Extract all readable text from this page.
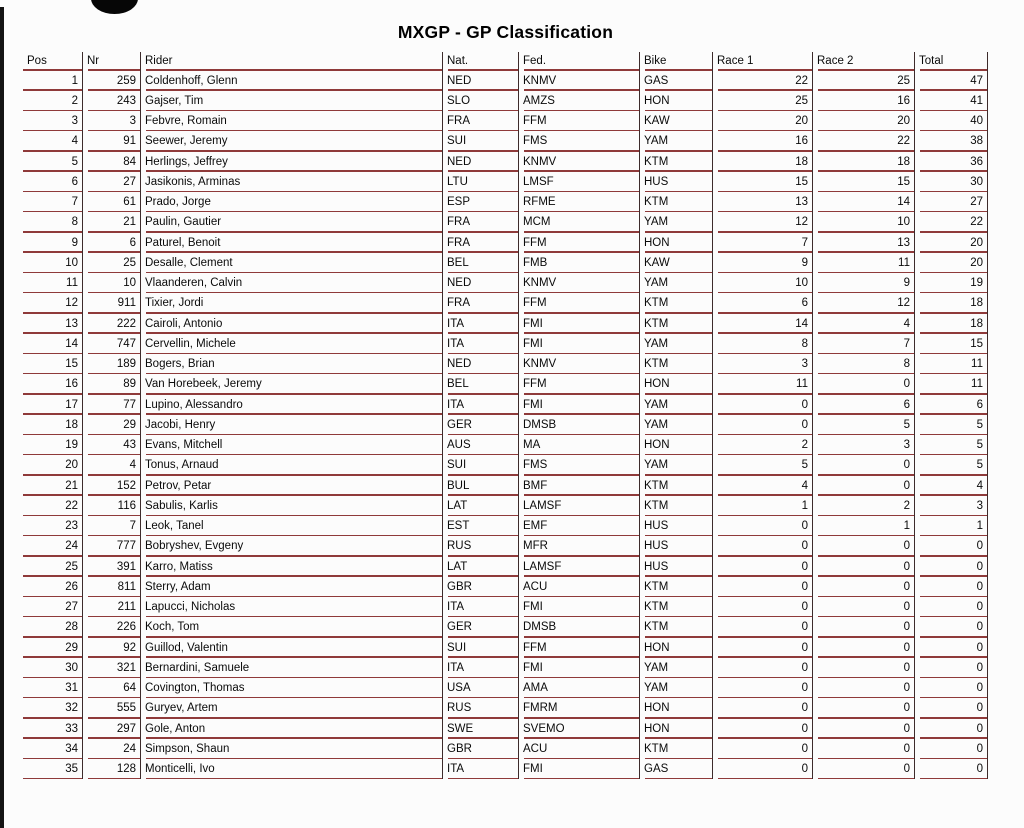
MXGP - GP Classification
Pos	Nr	Rider	Nat.	Fed.	Bike	Race 1	Race 2	Total
1	259 Coldenhoff, Glenn	NED	KNMV	GAS	22	25	47
2	243 Gajser, Tim	SLO	AMZS	HON	25	16	41
3	3 Febvre, Romain	FRA	FFM	KAW	20	20	40
4	91 Seewer, Jeremy	SUI	FMS	YAM	16	22	38
5	84 Herlings, Jeffrey	NED	KNMV	KTM	18	18	36
6	27 Jasikonis, Arminas	LTU	LMSF	HUS	15	15	30
7	61 Prado, Jorge	ESP	RFME	KTM	13	14	27
8	21 Paulin, Gautier	FRA	MCM	YAM	12	10	22
9	6 Paturel, Benoit	FRA	FFM	HON	7	13	20
10	25 Desalle, Clement	BEL	FMB	KAW	9	11	20
11	10 Vlaanderen, Calvin	NED	KNMV	YAM	10	9	19
12	911 Tixier, Jordi	FRA	FFM	KTM	6	12	18
13	222 Cairoli, Antonio	ITA	FMI	KTM	14	4	18
14	747 Cervellin, Michele	ITA	FMI	YAM	8	7	15
15	189 Bogers, Brian	NED	KNMV	KTM	3	8	11
16	89 Van Horebeek, Jeremy	BEL	FFM	HON	11	0	11
17	77 Lupino, Alessandro	ITA	FMI	YAM	0	6	6
18	29 Jacobi, Henry	GER	DMSB	YAM	0	5	5
19	43 Evans, Mitchell	AUS	MA	HON	2	3	5
20	4 Tonus, Arnaud	SUI	FMS	YAM	5	0	5
21	152 Petrov, Petar	BUL	BMF	KTM	4	0	4
22	116 Sabulis, Karlis	LAT	LAMSF	KTM	1	2	3
23	7 Leok, Tanel	EST	EMF	HUS	0	1	1
24	777 Bobryshev, Evgeny	RUS	MFR	HUS	0	0	0
25	391 Karro, Matiss	LAT	LAMSF	HUS	0	0	0
26	811 Sterry, Adam	GBR	ACU	KTM	0	0	0
27	211 Lapucci, Nicholas	ITA	FMI	KTM	0	0	0
28	226 Koch, Tom	GER	DMSB	KTM	0	0	0
29	92 Guillod, Valentin	SUI	FFM	HON	0	0	0
30	321 Bernardini, Samuele	ITA	FMI	YAM	0	0	0
31	64 Covington, Thomas	USA	AMA	YAM	0	0	0
32	555 Guryev, Artem	RUS	FMRM	HON	0	0	0
33	297 Gole, Anton	SWE	SVEMO	HON	0	0	0
34	24 Simpson, Shaun	GBR	ACU	KTM	0	0	0
35	128 Monticelli, Ivo	ITA	FMI	GAS	0	0	0
